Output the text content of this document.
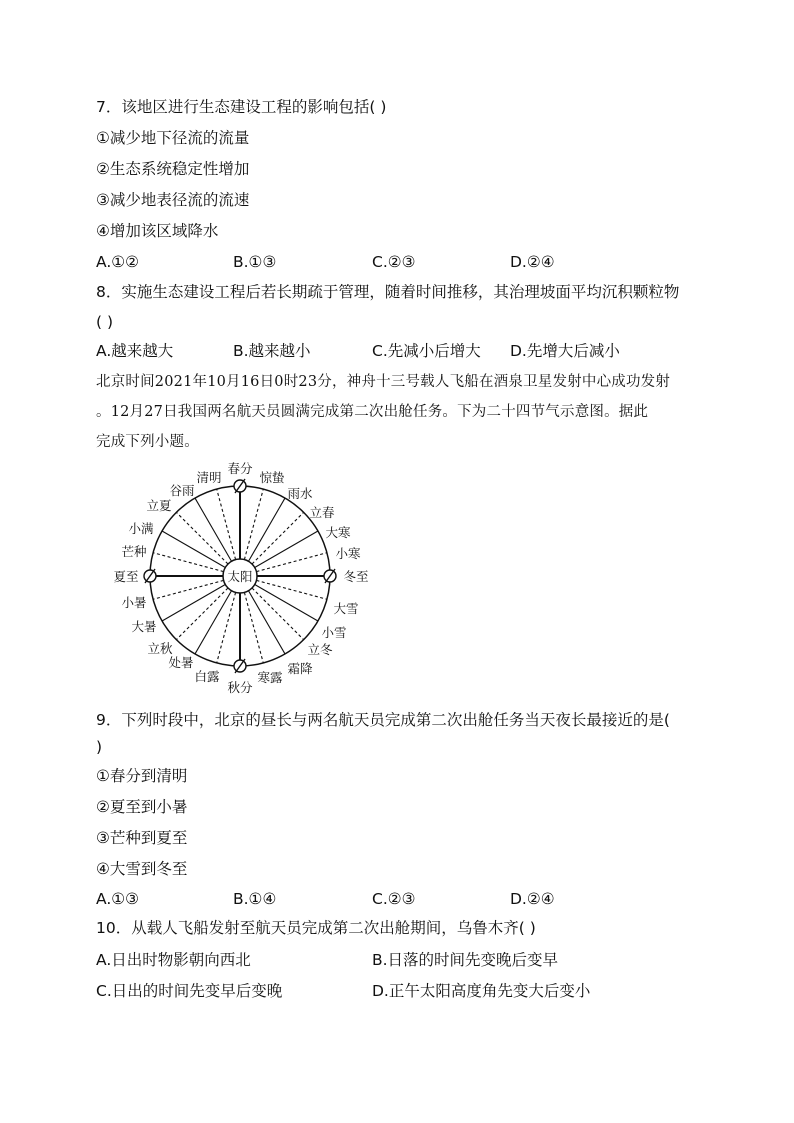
7．该地区进行生态建设工程的影响包括( )
①减少地下径流的流量
②生态系统稳定性增加
③减少地表径流的流速
④增加该区域降水
A.①②	B.①③	C.②③	D.②④
8．实施生态建设工程后若长期疏于管理，随着时间推移，其治理坡面平均沉积颗粒物
( )
A.越来越大	B.越来越小	C.先减小后增大 D.先增大后减小
北京时间2021年10月16日0时23分，神舟十三号载人飞船在酒泉卫星发射中心成功发射
。12月27日我国两名航天员圆满完成第二次出舱任务。下为二十四节气示意图。据此
完成下列小题。
太阳
春分
惊蛰
雨水
立春
大寒
小寒
冬至
大雪
小雪
立冬
霜降
寒露
秋分
白露
处暑
立秋
大暑
小暑
夏至
芒种
小满
立夏
谷雨
清明
9．下列时段中，北京的昼长与两名航天员完成第二次出舱任务当天夜长最接近的是(
)
①春分到清明
②夏至到小暑
③芒种到夏至
④大雪到冬至
A.①③	B.①④	C.②③	D.②④
10．从载人飞船发射至航天员完成第二次出舱期间，乌鲁木齐( )
A.日出时物影朝向西北	B.日落的时间先变晚后变早
C.日出的时间先变早后变晚	D.正午太阳高度角先变大后变小
